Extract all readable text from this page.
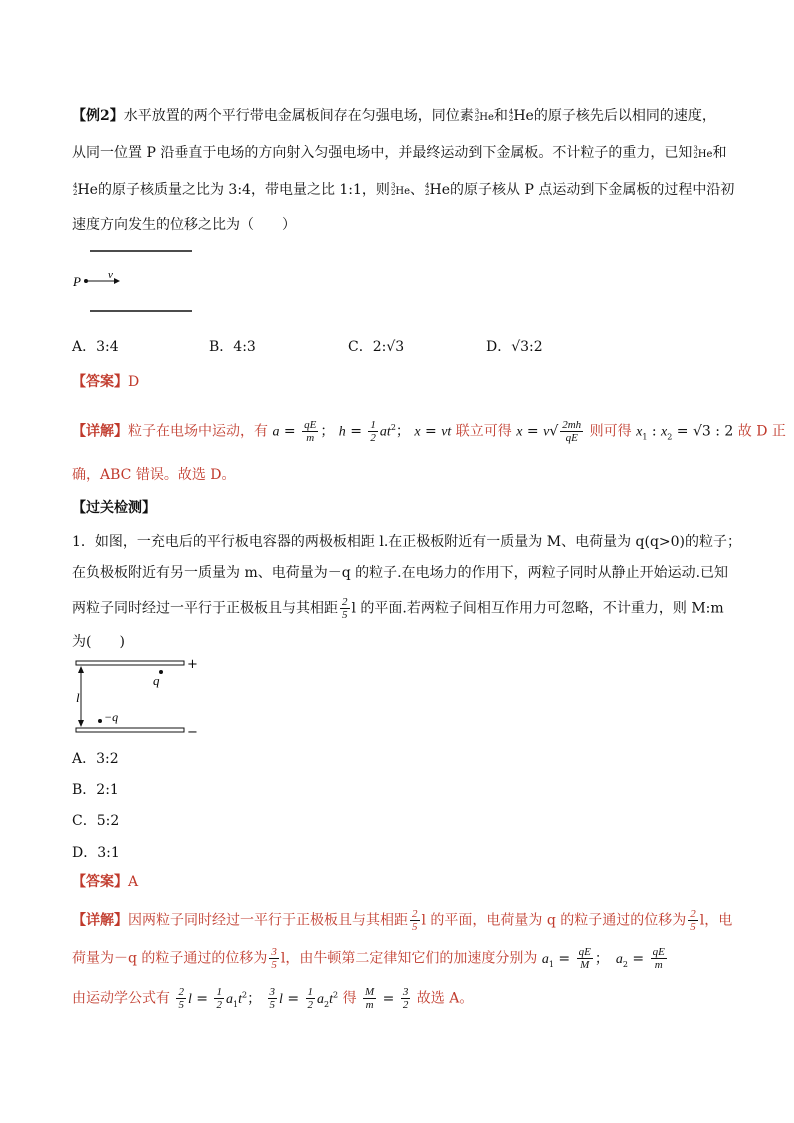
【例2】水平放置的两个平行带电金属板间存在匀强电场，同位素 3
2 He和 4
2 He的原子核先后以相同的速度，
从同一位置 P 沿垂直于电场的方向射入匀强电场中，并最终运动到下金属板。不计粒子的重力，已知 3
2 He和
4
2 He的原子核质量之比为 3:4，带电量之比 1:1，则 3
2 He、 4
2 He的原子核从 P 点运动到下金属板的过程中沿初
速度方向发生的位移之比为（　　）
P v
A．3:4	B．4:3	C．2:√3	D．√3:2
【答案】D
【详解】粒子在电场中运动，有 $a = \frac{qE}{m}$ ； $h = \frac{1}{2} at^2$； x = vt 联立可得 $x = v√ \frac{2mh}{qE}$ 则可得 $x_1$ : $x_2 = √3$ : 2 故 D 正
确，ABC 错误。故选 D。
【过关检测】
1．如图，一充电后的平行板电容器的两极板相距 l.在正极板附近有一质量为 M、电荷量为 q(q>0)的粒子；
在负极板附近有另一质量为 m、电荷量为－q 的粒子.在电场力的作用下，两粒子同时从静止开始运动.已知
两粒子同时经过一平行于正极板且与其相距 $\frac{2}{5}$ l 的平面.若两粒子间相互作用力可忽略，不计重力，则 M:m
为(　　)
+
−
l
q
−q
A．3:2
B．2:1
C．5:2
D．3:1
【答案】A
【详解】因两粒子同时经过一平行于正极板且与其相距 $\frac{2}{5}$ l 的平面，电荷量为 q 的粒子通过的位移为 $\frac{2}{5}$ l，电
荷量为－q 的粒子通过的位移为 $\frac{3}{5}$ l，由牛顿第二定律知它们的加速度分别为 $a_1 = \frac{qE}{M}$ ；　$a_2 = \frac{qE}{m}$
由运动学公式有 $\frac{2}{5}$ $l = \frac{1}{2} a_1t^2$； $\frac{3}{5}$ $l = \frac{1}{2} a_2t^2$ 得 $\frac{M}{m} = \frac{3}{2}$ 故选 A。
